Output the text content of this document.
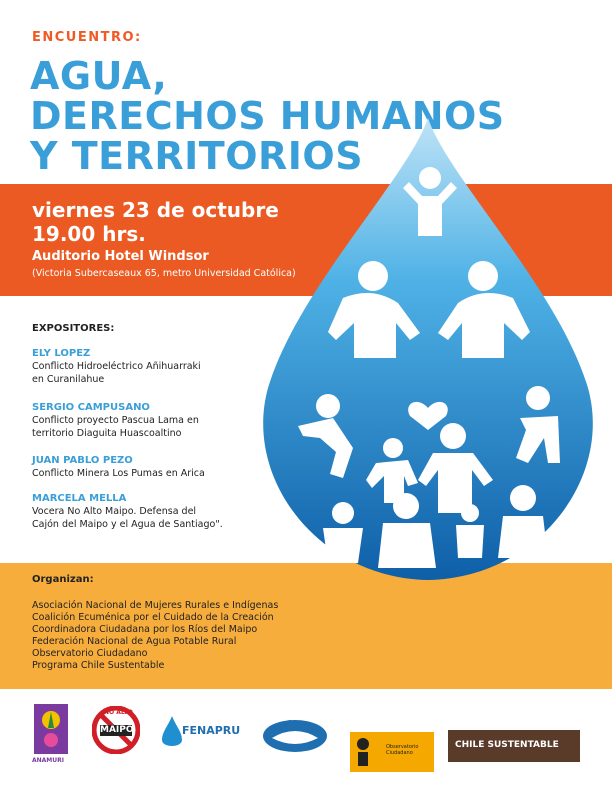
ENCUENTRO:
AGUA,
DERECHOS HUMANOS
Y TERRITORIOS
viernes 23 de octubre
19.00 hrs.
Auditorio Hotel Windsor
(Victoria Subercaseaux 65, metro Universidad Católica)
EXPOSITORES:
ELY LOPEZ
Conflicto Hidroeléctrico Añihuarraki
en Curanilahue
SERGIO CAMPUSANO
Conflicto proyecto Pascua Lama en
territorio Diaguita Huascoaltino
JUAN PABLO PEZO
Conflicto Minera Los Pumas en Arica
MARCELA MELLA
Vocera No Alto Maipo. Defensa del
Cajón del Maipo y el Agua de Santiago".
Organizan:
Asociación Nacional de Mujeres Rurales e Indígenas
Coalición Ecuménica por el Cuidado de la Creación
Coordinadora Ciudadana por los Ríos del Maipo
Federación Nacional de Agua Potable Rural
Observatorio Ciudadano
Programa Chile Sustentable
ANAMURI
NO ALTO
MAIPO	FENAPRU
Observatorio Ciudadano
CHILE SUSTENTABLE
